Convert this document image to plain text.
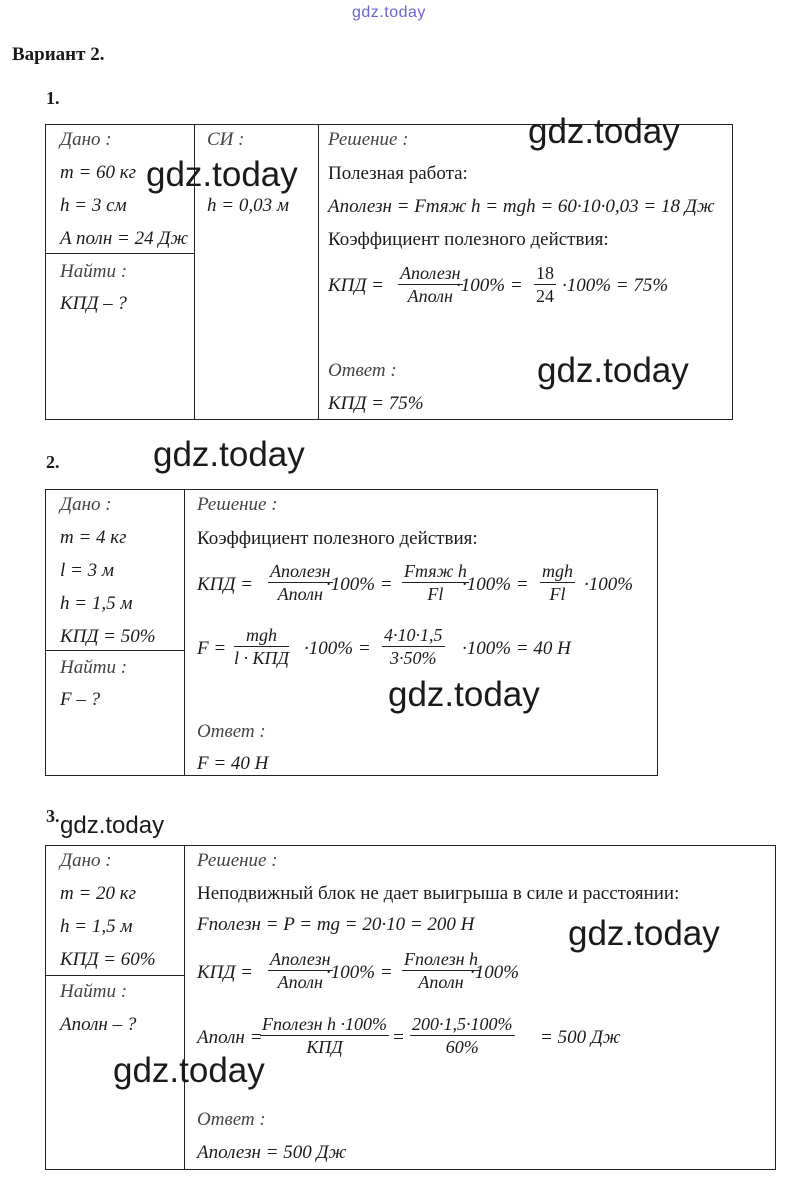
gdz.today
Вариант 2.
1.
Дано :
m = 60 кг
h = 3 см
A полн = 24 Дж
Найти :
КПД – ?
СИ :
h = 0,03 м
Решение :
Полезная работа:
Aполезн = Fтяж h = mgh = 60·10·0,03 = 18 Дж
Коэффициент полезного действия:
КПД =
Aполезн
Aполн $\cdot 100\% = \frac{18}{24} \cdot 100\% = 75\%$
Ответ :
КПД = 75%
gdz.today
gdz.today
gdz.today
2.	gdz.today
Дано :
m = 4 кг
l = 3 м
h = 1,5 м
КПД = 50%
Найти :
F – ?
Решение :
Коэффициент полезного действия:
КПД =
Aполезн
Aполн ·100% =
Fтяж h
Fl ·100% =
mgh
Fl ·100%
F =
mgh
l · КПД $\cdot 100\% = \frac{4\cdot 10\cdot 1,5}{3\cdot 50\%} \cdot 100\% = 40$ Н
gdz.today
Ответ :
F = 40 Н
3. gdz.today
Дано :
m = 20 кг
h = 1,5 м
КПД = 60%
Найти :
Aполн – ?
Решение :
Неподвижный блок не дает выигрыша в силе и расстоянии:
Fполезн = P = mg = 20·10 = 200 Н	gdz.today
КПД =
Aполезн
Aполн ·100% =
Fполезн h
Aполн ·100%
Aполн =
Fполезн h ·100%
КПД	= $\frac{200\cdot 1,5\cdot 100\%}{60\%} = 500$ Дж
gdz.today
Ответ :
Aполезн = 500 Дж
